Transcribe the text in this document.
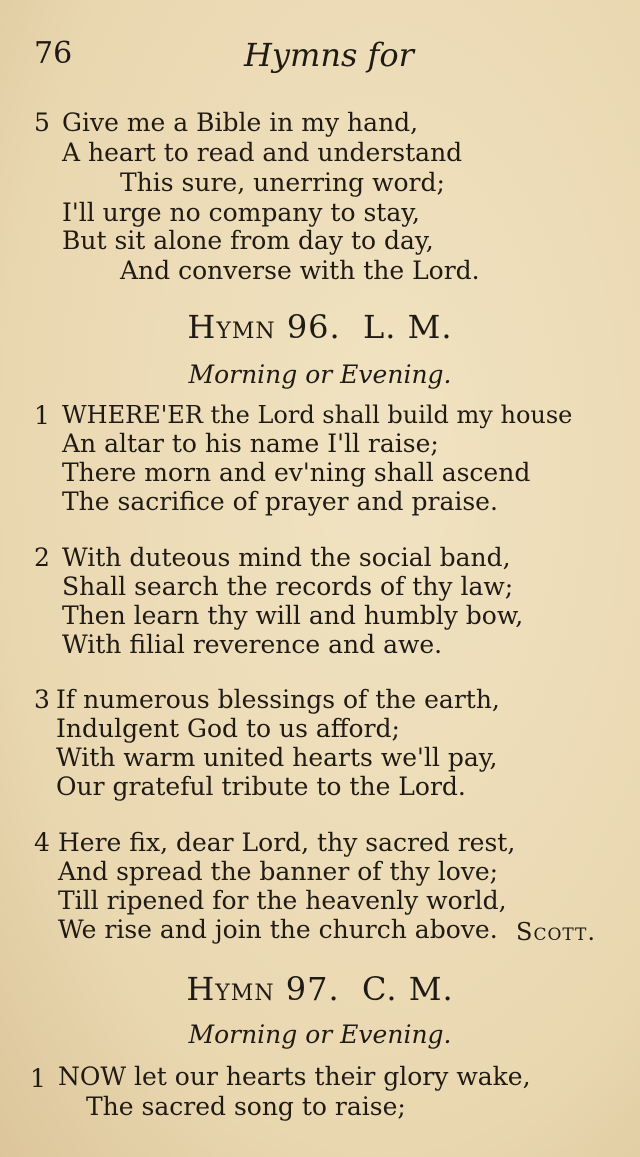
76	Hymns for
5 Give me a Bible in my hand,
A heart to read and understand
This sure, unerring word;
I'll urge no company to stay,
But sit alone from day to day,
And converse with the Lord.
Hymn 96. L. M.
Morning or Evening.
1 WHERE'ER the Lord shall build my house
An altar to his name I'll raise;
There morn and ev'ning shall ascend
The sacrifice of prayer and praise.
2 With duteous mind the social band,
Shall search the records of thy law;
Then learn thy will and humbly bow,
With filial reverence and awe.
3 If numerous blessings of the earth,
Indulgent God to us afford;
With warm united hearts we'll pay,
Our grateful tribute to the Lord.
4 Here fix, dear Lord, thy sacred rest,
And spread the banner of thy love;
Till ripened for the heavenly world,
We rise and join the church above. Scott.
Hymn 97. C. M.
Morning or Evening.
1 NOW let our hearts their glory wake,
The sacred song to raise;
